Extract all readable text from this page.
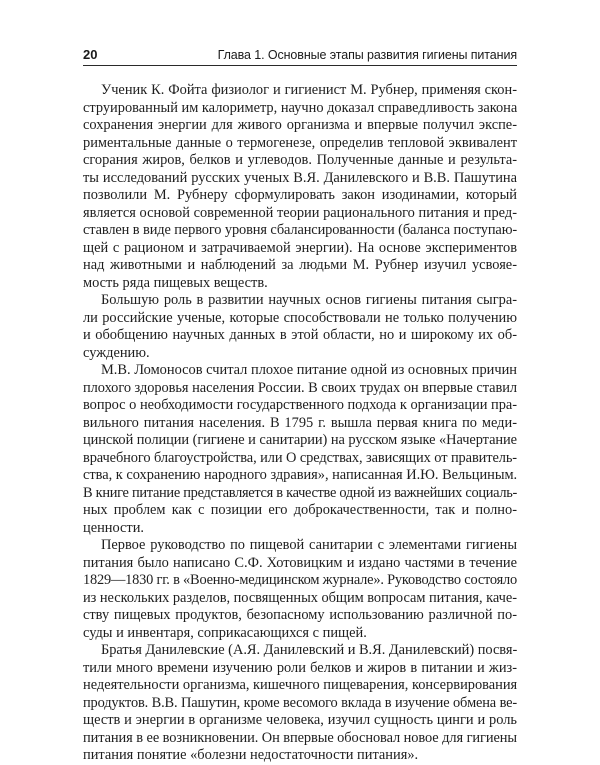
20	Глава 1. Основные этапы развития гигиены питания
Ученик К. Фойта физиолог и гигиенист М. Рубнер, применяя скон-
струированный им калориметр, научно доказал справедливость закона
сохранения энергии для живого организма и впервые получил экспе-
риментальные данные о термогенезе, определив тепловой эквивалент
сгорания жиров, белков и углеводов. Полученные данные и результа-
ты исследований русских ученых В.Я. Данилевского и В.В. Пашутина
позволили М. Рубнеру сформулировать закон изодинамии, который
является основой современной теории рационального питания и пред-
ставлен в виде первого уровня сбалансированности (баланса поступаю-
щей с рационом и затрачиваемой энергии). На основе экспериментов
над животными и наблюдений за людьми М. Рубнер изучил усвояе-
мость ряда пищевых веществ.
Большую роль в развитии научных основ гигиены питания сыгра-
ли российские ученые, которые способствовали не только получению
и обобщению научных данных в этой области, но и широкому их об-
суждению.
М.В. Ломоносов считал плохое питание одной из основных причин
плохого здоровья населения России. В своих трудах он впервые ставил
вопрос о необходимости государственного подхода к организации пра-
вильного питания населения. В 1795 г. вышла первая книга по меди-
цинской полиции (гигиене и санитарии) на русском языке «Начертание
врачебного благоустройства, или О средствах, зависящих от правитель-
ства, к сохранению народного здравия», написанная И.Ю. Вельциным.
В книге питание представляется в качестве одной из важнейших социаль-
ных проблем как с позиции его доброкачественности, так и полно-
ценности.
Первое руководство по пищевой санитарии с элементами гигиены
питания было написано С.Ф. Хотовицким и издано частями в течение
1829—1830 гг. в «Военно-медицинском журнале». Руководство состояло
из нескольких разделов, посвященных общим вопросам питания, каче-
ству пищевых продуктов, безопасному использованию различной по-
суды и инвентаря, соприкасающихся с пищей.
Братья Данилевские (А.Я. Данилевский и В.Я. Данилевский) посвя-
тили много времени изучению роли белков и жиров в питании и жиз-
недеятельности организма, кишечного пищеварения, консервирования
продуктов. В.В. Пашутин, кроме весомого вклада в изучение обмена ве-
ществ и энергии в организме человека, изучил сущность цинги и роль
питания в ее возникновении. Он впервые обосновал новое для гигиены
питания понятие «болезни недостаточности питания».
